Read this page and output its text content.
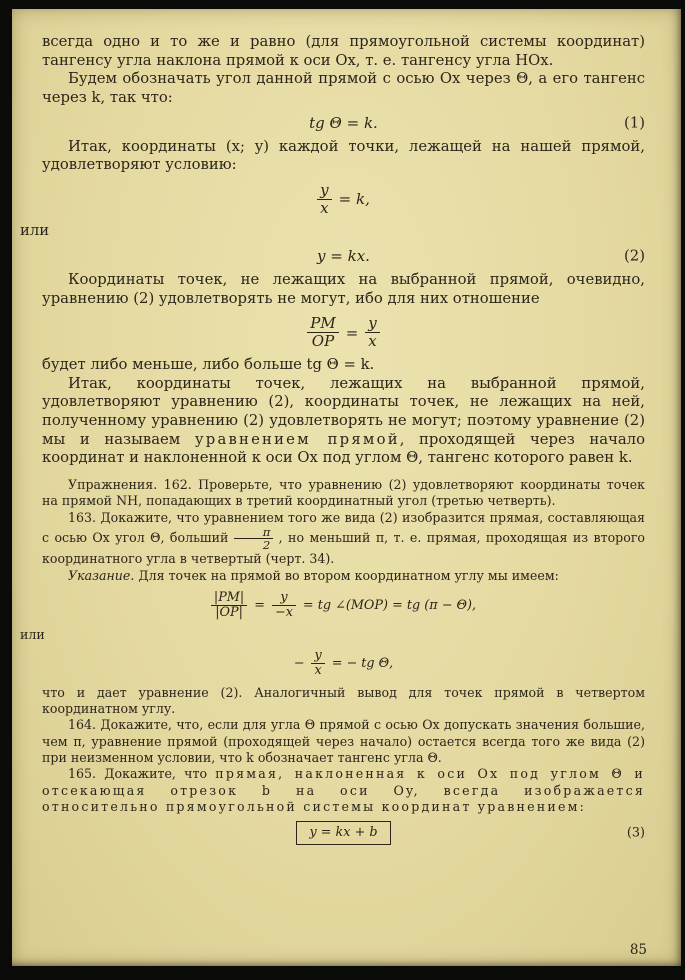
всегда одно и то же и равно (для прямоугольной системы координат) тангенсу угла наклона прямой к оси Ox, т. е. тангенсу угла HOx.

Будем обозначать угол данной прямой с осью Ox через Θ, а его тангенс через k, так что:

tg Θ = k.	(1)

Итак, координаты (x; y) каждой точки, лежащей на нашей прямой, удовлетворяют условию:

$\frac{y}{x} = k$,

или

y = kx.	(2)

Координаты точек, не лежащих на выбранной прямой, очевидно, уравнению (2) удовлетворять не могут, ибо для них отношение

$\frac{PM}{OP} = \frac{y}{x}$

будет либо меньше, либо больше tg Θ = k.

Итак, координаты точек, лежащих на выбранной прямой, удовлетворяют уравнению (2), координаты точек, не лежащих на ней, полученному уравнению (2) удовлетворять не могут; поэтому уравнение (2) мы и называем уравнением прямой, проходящей через начало координат и наклоненной к оси Ox под углом Θ, тангенс которого равен k.

Упражнения. 162. Проверьте, что уравнению (2) удовлетворяют координаты точек на прямой NH, попадающих в третий координатный угол (третью четверть).

163. Докажите, что уравнением того же вида (2) изобразится прямая, составляющая с осью Ox угол Θ, больший $\frac{\pi}{2}$ , но меньший π, т. е. прямая, проходящая из второго координатного угла в четвертый (черт. 34).

Указание. Для точек на прямой во втором координатном углу мы имеем:

$\frac{|PM|}{|OP|} = \frac{y}{-x}$ = tg ∠(MOP) = tg (π − Θ),

или

− $\frac{y}{x}$ = − tg Θ,

что и дает уравнение (2). Аналогичный вывод для точек прямой в четвертом координатном углу.

164. Докажите, что, если для угла Θ прямой с осью Ox допускать значения большие, чем π, уравнение прямой (проходящей через начало) остается всегда того же вида (2) при неизменном условии, что k обозначает тангенс угла Θ.

165. Докажите, что прямая, наклоненная к оси Ox под углом Θ и отсекающая отрезок b на оси Oy, всегда изображается относительно прямоугольной системы координат уравнением:

y = kx + b	(3)
85
